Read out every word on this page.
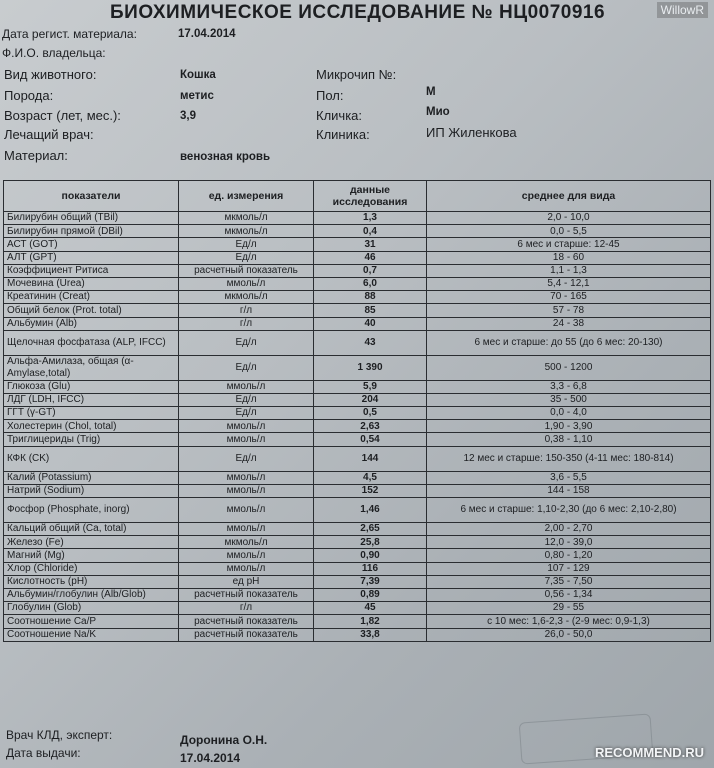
WillowR
БИОХИМИЧЕСКОЕ ИССЛЕДОВАНИЕ № НЦ0070916
Дата регист. материала:	17.04.2014
Ф.И.О. владельца:
Вид животного:	Кошка	Микрочип №:
Порода:	метис	Пол:	М
Возраст (лет, мес.):	3,9	Кличка:	Мио
Лечащий врач:	Клиника:	ИП Жиленкова
Материал:	венозная кровь
показатели	ед. измерения	данные исследования	среднее для вида
Билирубин общий (TBil)	мкмоль/л	1,3	2,0 - 10,0
Билирубин прямой (DBil)	мкмоль/л	0,4	0,0 - 5,5
АСТ (GOT)	Ед/л	31	6 мес и старше: 12-45
АЛТ (GPT)	Ед/л	46	18 - 60
Коэффициент Ритиса	расчетный показатель	0,7	1,1 - 1,3
Мочевина (Urea)	ммоль/л	6,0	5,4 - 12,1
Креатинин (Creat)	мкмоль/л	88	70 - 165
Общий белок (Prot. total)	г/л	85	57 - 78
Альбумин (Alb)	г/л	40	24 - 38
Щелочная фосфатаза (ALP, IFCC)	Ед/л	43	6 мес и старше: до 55 (до 6 мес: 20-130)
Альфа-Амилаза, общая (α-Amylase,total)	Ед/л	1 390	500 - 1200
Глюкоза (Glu)	ммоль/л	5,9	3,3 - 6,8
ЛДГ (LDH, IFCC)	Ед/л	204	35 - 500
ГГТ (γ-GT)	Ед/л	0,5	0,0 - 4,0
Холестерин (Chol, total)	ммоль/л	2,63	1,90 - 3,90
Триглицериды (Trig)	ммоль/л	0,54	0,38 - 1,10
КФК (CK)	Ед/л	144	12 мес и старше: 150-350 (4-11 мес: 180-814)
Калий (Potassium)	ммоль/л	4,5	3,6 - 5,5
Натрий (Sodium)	ммоль/л	152	144 - 158
Фосфор (Phosphate, inorg)	ммоль/л	1,46	6 мес и старше: 1,10-2,30 (до 6 мес: 2,10-2,80)
Кальций общий (Ca, total)	ммоль/л	2,65	2,00 - 2,70
Железо (Fe)	мкмоль/л	25,8	12,0 - 39,0
Магний (Mg)	ммоль/л	0,90	0,80 - 1,20
Хлор (Chloride)	ммоль/л	116	107 - 129
Кислотность (pH)	ед pH	7,39	7,35 - 7,50
Альбумин/глобулин (Alb/Glob)	расчетный показатель	0,89	0,56 - 1,34
Глобулин (Glob)	г/л	45	29 - 55
Соотношение Ca/P	расчетный показатель	1,82	с 10 мес: 1,6-2,3 - (2-9 мес: 0,9-1,3)
Соотношение Na/K	расчетный показатель	33,8	26,0 - 50,0
Врач КЛД, эксперт:	Доронина О.Н.
Дата выдачи:	17.04.2014	RECOMMEND.RU
